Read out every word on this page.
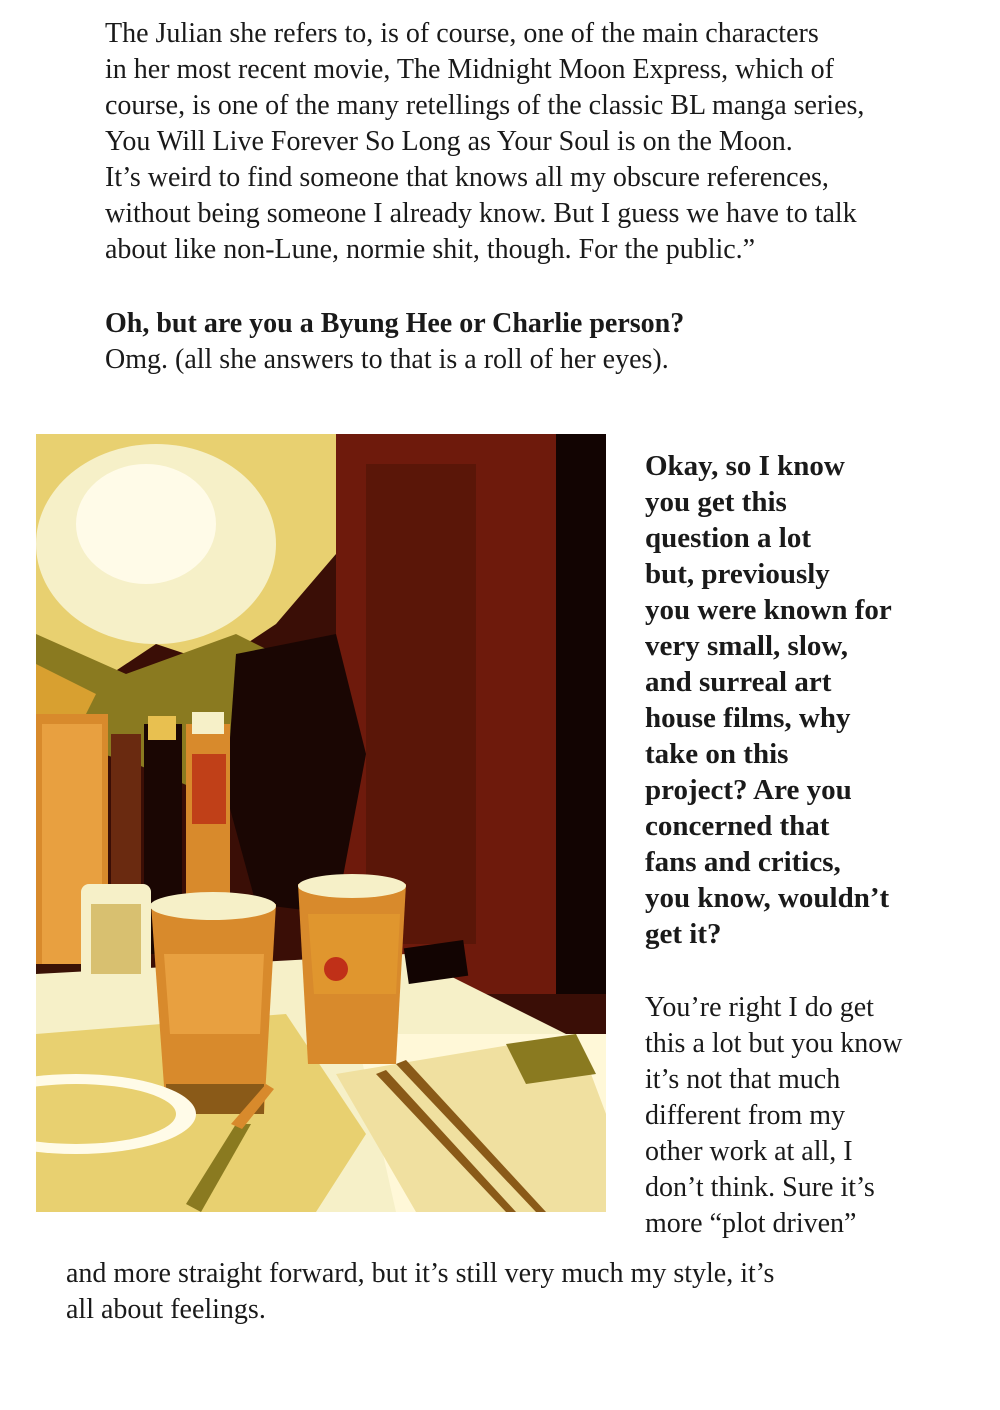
The Julian she refers to, is of course, one of the main characters
in her most recent movie, The Midnight Moon Express, which of
course, is one of the many retellings of the classic BL manga series,
You Will Live Forever So Long as Your Soul is on the Moon.
It’s weird to find someone that knows all my obscure references,
without being someone I already know. But I guess we have to talk
about like non-Lune, normie shit, though. For the public.”
Oh, but are you a Byung Hee or Charlie person?
Omg. (all she answers to that is a roll of her eyes).
Okay, so I know
you get this
question a lot
but, previously
you were known for
very small, slow,
and surreal art
house films, why
take on this
project? Are you
concerned that
fans and critics,
you know, wouldn’t
get it?
You’re right I do get
this a lot but you know
it’s not that much
different from my
other work at all, I
don’t think. Sure it’s
more “plot driven”
and more straight forward, but it’s still very much my style, it’s
all about feelings.
